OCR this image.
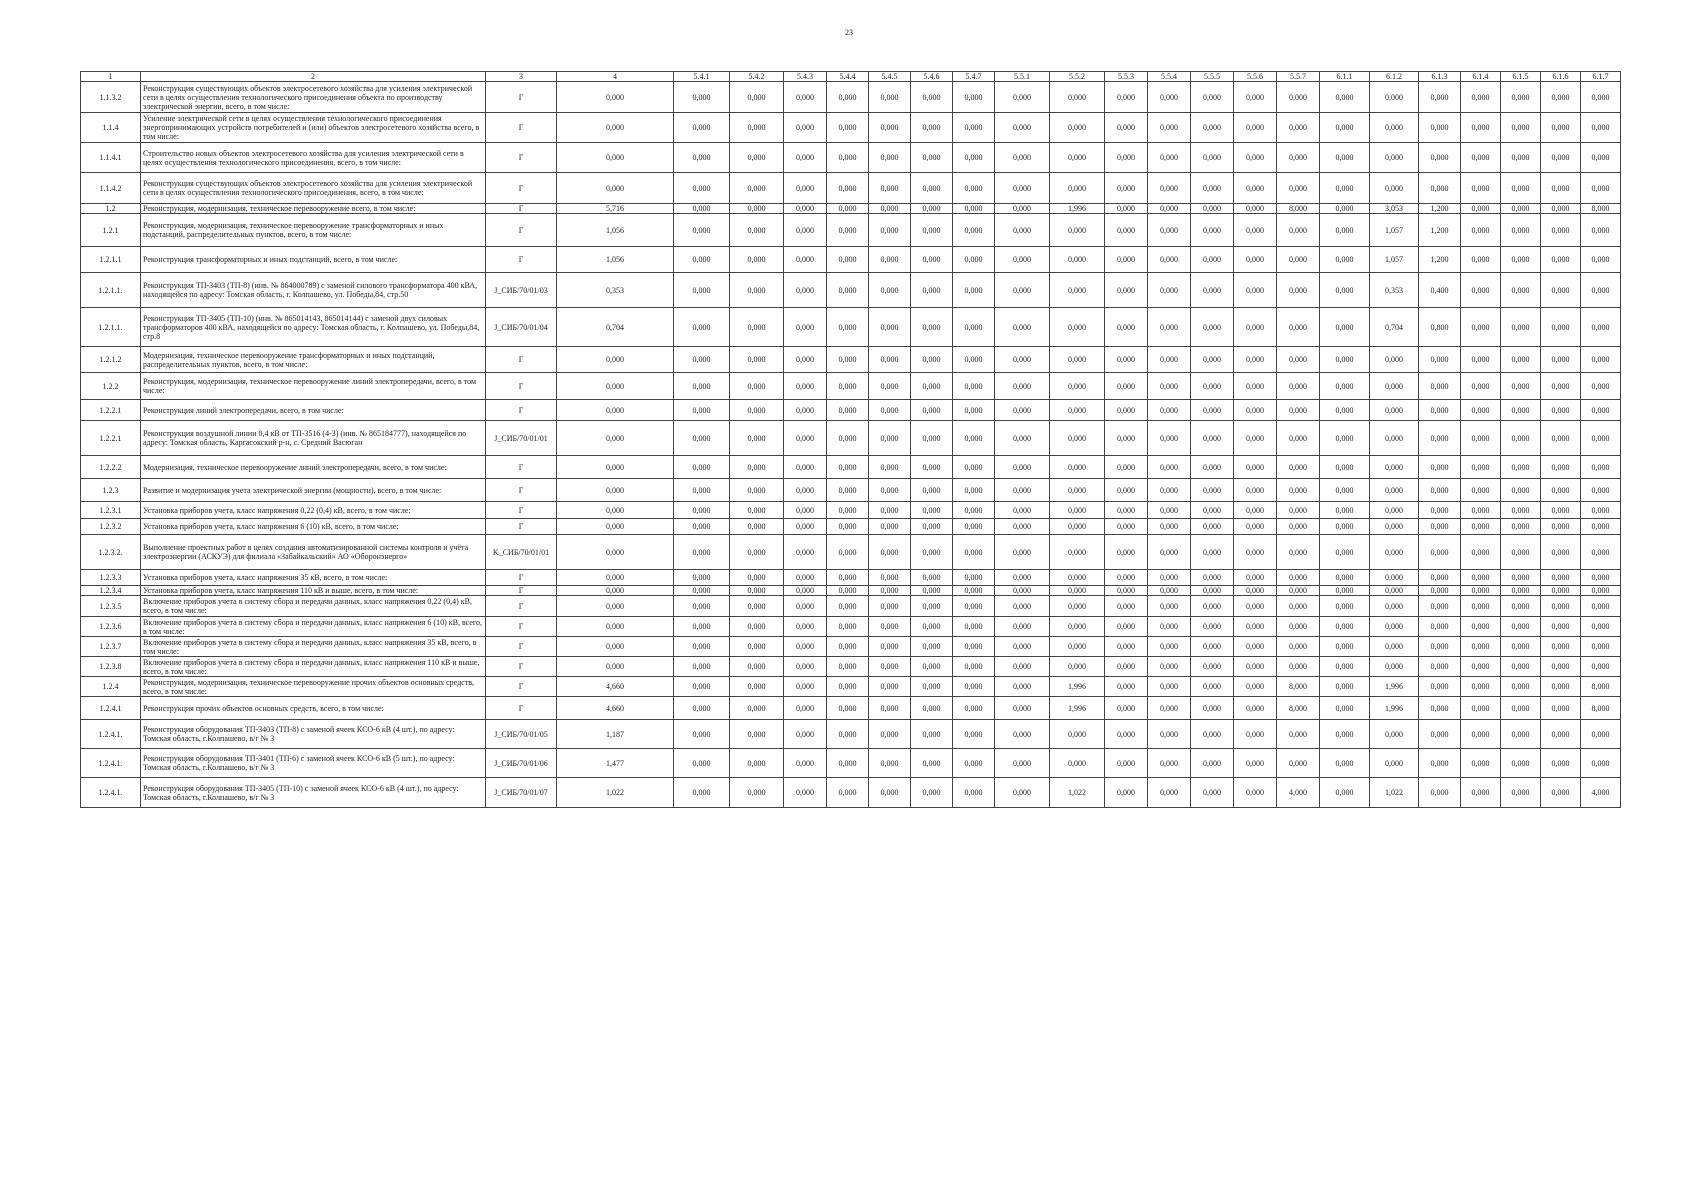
23
1	2	3	4	5.4.1	5.4.2	5.4.3	5.4.4	5.4.5	5.4.6	5.4.7	5.5.1	5.5.2	5.5.3	5.5.4	5.5.5	5.5.6	5.5.7	6.1.1	6.1.2	6.1.3	6.1.4	6.1.5	6.1.6	6.1.7
1.1.3.2	Реконструкция существующих объектов электросетевого хозяйства для усиления электрической сети в целях осуществления технологического присоединения объекта по производству электрической энергии, всего, в том числе:	Г	0,000	0,000	0,000	0,000	0,000	0,000	0,000	0,000	0,000	0,000	0,000	0,000	0,000	0,000	0,000	0,000	0,000	0,000	0,000	0,000	0,000	0,000
1.1.4	Усиление электрической сети в целях осуществления технологического присоединения энергопринимающих устройств потребителей и (или) объектов электросетевого хозяйства всего, в том числе:	Г	0,000	0,000	0,000	0,000	0,000	0,000	0,000	0,000	0,000	0,000	0,000	0,000	0,000	0,000	0,000	0,000	0,000	0,000	0,000	0,000	0,000	0,000
1.1.4.1	Строительство новых объектов электросетевого хозяйства для усиления электрической сети в целях осуществления технологического присоединения, всего, в том числе:	Г	0,000	0,000	0,000	0,000	0,000	0,000	0,000	0,000	0,000	0,000	0,000	0,000	0,000	0,000	0,000	0,000	0,000	0,000	0,000	0,000	0,000	0,000
1.1.4.2	Реконструкция существующих объектов электросетевого хозяйства для усиления электрической сети в целях осуществления технологического присоединения, всего, в том числе:	Г	0,000	0,000	0,000	0,000	0,000	0,000	0,000	0,000	0,000	0,000	0,000	0,000	0,000	0,000	0,000	0,000	0,000	0,000	0,000	0,000	0,000	0,000
1.2	Реконструкция, модернизация, техническое перевооружение всего, в том числе:	Г	5,716	0,000	0,000	0,000	0,000	0,000	0,000	0,000	0,000	1,996	0,000	0,000	0,000	0,000	8,000	0,000	3,053	1,200	0,000	0,000	0,000	8,000
1.2.1	Реконструкция, модернизация, техническое перевооружение трансформаторных и иных подстанций, распределительных пунктов, всего, в том числе:	Г	1,056	0,000	0,000	0,000	0,000	0,000	0,000	0,000	0,000	0,000	0,000	0,000	0,000	0,000	0,000	0,000	1,057	1,200	0,000	0,000	0,000	0,000
1.2.1.1	Реконструкция трансформаторных и иных подстанций, всего, в том числе:	Г	1,056	0,000	0,000	0,000	0,000	0,000	0,000	0,000	0,000	0,000	0,000	0,000	0,000	0,000	0,000	0,000	1,057	1,200	0,000	0,000	0,000	0,000
1.2.1.1.	Реконструкция ТП-3403 (ТП-8) (инв. № 864000789) с заменой силового трансформатора 400 кВА, находящейся по адресу: Томская область, г. Колпашево, ул. Победы,84, стр.50	J_СИБ/70/01/03	0,353	0,000	0,000	0,000	0,000	0,000	0,000	0,000	0,000	0,000	0,000	0,000	0,000	0,000	0,000	0,000	0,353	0,400	0,000	0,000	0,000	0,000
1.2.1.1.	Реконструкция ТП-3405 (ТП-10) (инв. № 865014143, 865014144) с заменой двух силовых трансформаторов 400 кВА, находящейся по адресу: Томская область, г. Колпашево, ул. Победы,84, стр.8	J_СИБ/70/01/04	0,704	0,000	0,000	0,000	0,000	0,000	0,000	0,000	0,000	0,000	0,000	0,000	0,000	0,000	0,000	0,000	0,704	0,800	0,000	0,000	0,000	0,000
1.2.1.2	Модернизация, техническое перевооружение трансформаторных и иных подстанций, распределительных пунктов, всего, в том числе:	Г	0,000	0,000	0,000	0,000	0,000	0,000	0,000	0,000	0,000	0,000	0,000	0,000	0,000	0,000	0,000	0,000	0,000	0,000	0,000	0,000	0,000	0,000
1.2.2	Реконструкция, модернизация, техническое перевооружение линий электропередачи, всего, в том числе:	Г	0,000	0,000	0,000	0,000	0,000	0,000	0,000	0,000	0,000	0,000	0,000	0,000	0,000	0,000	0,000	0,000	0,000	0,000	0,000	0,000	0,000	0,000
1.2.2.1	Реконструкция линий электропередачи, всего, в том числе:	Г	0,000	0,000	0,000	0,000	0,000	0,000	0,000	0,000	0,000	0,000	0,000	0,000	0,000	0,000	0,000	0,000	0,000	0,000	0,000	0,000	0,000	0,000
1.2.2.1	Реконструкция воздушной линии 0,4 кВ от ТП-3516 (4-3) (инв. № 865184777), находящейся по адресу: Томская область, Каргасокский р-н, с. Средний Васюган	J_СИБ/70/01/01	0,000	0,000	0,000	0,000	0,000	0,000	0,000	0,000	0,000	0,000	0,000	0,000	0,000	0,000	0,000	0,000	0,000	0,000	0,000	0,000	0,000	0,000
1.2.2.2	Модернизация, техническое перевооружение линий электропередачи, всего, в том числе:	Г	0,000	0,000	0,000	0,000	0,000	0,000	0,000	0,000	0,000	0,000	0,000	0,000	0,000	0,000	0,000	0,000	0,000	0,000	0,000	0,000	0,000	0,000
1.2.3	Развитие и модернизация учета электрической энергии (мощности), всего, в том числе:	Г	0,000	0,000	0,000	0,000	0,000	0,000	0,000	0,000	0,000	0,000	0,000	0,000	0,000	0,000	0,000	0,000	0,000	0,000	0,000	0,000	0,000	0,000
1.2.3.1	Установка приборов учета, класс напряжения 0,22 (0,4) кВ, всего, в том числе:	Г	0,000	0,000	0,000	0,000	0,000	0,000	0,000	0,000	0,000	0,000	0,000	0,000	0,000	0,000	0,000	0,000	0,000	0,000	0,000	0,000	0,000	0,000
1.2.3.2	Установка приборов учета, класс напряжения 6 (10) кВ, всего, в том числе:	Г	0,000	0,000	0,000	0,000	0,000	0,000	0,000	0,000	0,000	0,000	0,000	0,000	0,000	0,000	0,000	0,000	0,000	0,000	0,000	0,000	0,000	0,000
1.2.3.2.	Выполнение проектных работ в целях создания автоматизированной системы контроля и учёта электроэнергии (АСКУЭ) для филиала «Забайкальский» АО «Оборонэнерго»	K_СИБ/70/01/01	0,000	0,000	0,000	0,000	0,000	0,000	0,000	0,000	0,000	0,000	0,000	0,000	0,000	0,000	0,000	0,000	0,000	0,000	0,000	0,000	0,000	0,000
1.2.3.3	Установка приборов учета, класс напряжения 35 кВ, всего, в том числе:	Г	0,000	0,000	0,000	0,000	0,000	0,000	0,000	0,000	0,000	0,000	0,000	0,000	0,000	0,000	0,000	0,000	0,000	0,000	0,000	0,000	0,000	0,000
1.2.3.4	Установка приборов учета, класс напряжения 110 кВ и выше, всего, в том числе:	Г	0,000	0,000	0,000	0,000	0,000	0,000	0,000	0,000	0,000	0,000	0,000	0,000	0,000	0,000	0,000	0,000	0,000	0,000	0,000	0,000	0,000	0,000
1.2.3.5	Включение приборов учета в систему сбора и передачи данных, класс напряжения 0,22 (0,4) кВ, всего, в том числе:	Г	0,000	0,000	0,000	0,000	0,000	0,000	0,000	0,000	0,000	0,000	0,000	0,000	0,000	0,000	0,000	0,000	0,000	0,000	0,000	0,000	0,000	0,000
1.2.3.6	Включение приборов учета в систему сбора и передачи данных, класс напряжения 6 (10) кВ, всего, в том числе:	Г	0,000	0,000	0,000	0,000	0,000	0,000	0,000	0,000	0,000	0,000	0,000	0,000	0,000	0,000	0,000	0,000	0,000	0,000	0,000	0,000	0,000	0,000
1.2.3.7	Включение приборов учета в систему сбора и передачи данных, класс напряжения 35 кВ, всего, в том числе:	Г	0,000	0,000	0,000	0,000	0,000	0,000	0,000	0,000	0,000	0,000	0,000	0,000	0,000	0,000	0,000	0,000	0,000	0,000	0,000	0,000	0,000	0,000
1.2.3.8	Включение приборов учета в систему сбора и передачи данных, класс напряжения 110 кВ и выше, всего, в том числе:	Г	0,000	0,000	0,000	0,000	0,000	0,000	0,000	0,000	0,000	0,000	0,000	0,000	0,000	0,000	0,000	0,000	0,000	0,000	0,000	0,000	0,000	0,000
1.2.4	Реконструкция, модернизация, техническое перевооружение прочих объектов основных средств, всего, в том числе:	Г	4,660	0,000	0,000	0,000	0,000	0,000	0,000	0,000	0,000	1,996	0,000	0,000	0,000	0,000	8,000	0,000	1,996	0,000	0,000	0,000	0,000	8,000
1.2.4.1	Реконструкция прочих объектов основных средств, всего, в том числе:	Г	4,660	0,000	0,000	0,000	0,000	0,000	0,000	0,000	0,000	1,996	0,000	0,000	0,000	0,000	8,000	0,000	1,996	0,000	0,000	0,000	0,000	8,000
1.2.4.1.	Реконструкция оборудования ТП-3403 (ТП-8) с заменой ячеек КСО-6 кВ (4 шт.), по адресу: Томская область, г.Колпашево, в/г № 3	J_СИБ/70/01/05	1,187	0,000	0,000	0,000	0,000	0,000	0,000	0,000	0,000	0,000	0,000	0,000	0,000	0,000	0,000	0,000	0,000	0,000	0,000	0,000	0,000	0,000
1.2.4.1.	Реконструкция оборудования ТП-3401 (ТП-6) с заменой ячеек КСО-6 кВ (5 шт.), по адресу: Томская область, г.Колпашево, в/г № 3	J_СИБ/70/01/06	1,477	0,000	0,000	0,000	0,000	0,000	0,000	0,000	0,000	0,000	0,000	0,000	0,000	0,000	0,000	0,000	0,000	0,000	0,000	0,000	0,000	0,000
1.2.4.1.	Реконструкция оборудования ТП-3405 (ТП-10) с заменой ячеек КСО-6 кВ (4 шт.), по адресу: Томская область, г.Колпашево, в/г № 3	J_СИБ/70/01/07	1,022	0,000	0,000	0,000	0,000	0,000	0,000	0,000	0,000	1,022	0,000	0,000	0,000	0,000	4,000	0,000	1,022	0,000	0,000	0,000	0,000	4,000
